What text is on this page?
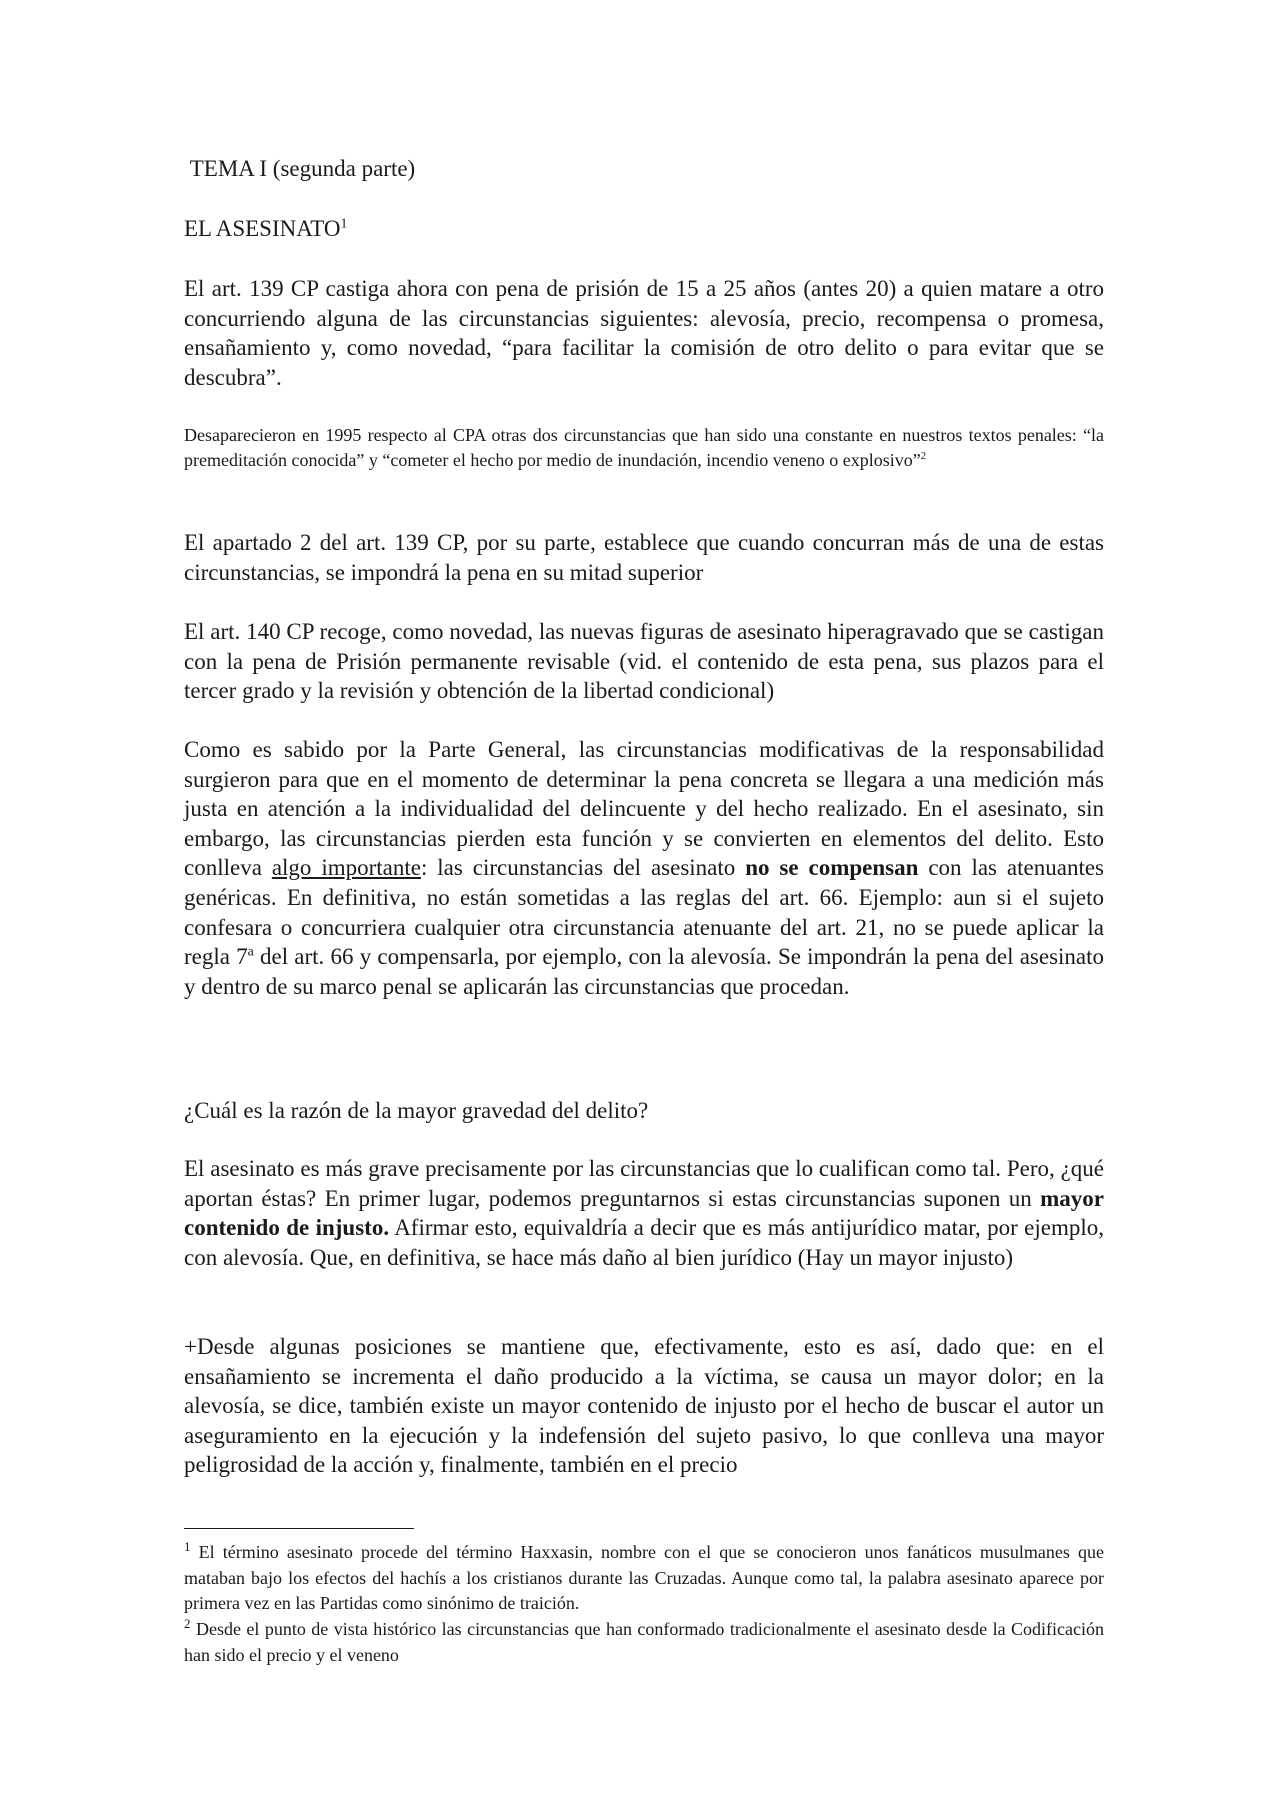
TEMA I (segunda parte)

EL ASESINATO$^1$

El art. 139 CP castiga ahora con pena de prisión de 15 a 25 años (antes 20) a quien matare a otro concurriendo alguna de las circunstancias siguientes: alevosía, precio, recompensa o promesa, ensañamiento y, como novedad, “para facilitar la comisión de otro delito o para evitar que se descubra”.

Desaparecieron en 1995 respecto al CPA otras dos circunstancias que han sido una constante en nuestros textos penales: “la premeditación conocida” y “cometer el hecho por medio de inundación, incendio veneno o explosivo”$^2$

El apartado 2 del art. 139 CP, por su parte, establece que cuando concurran más de una de estas circunstancias, se impondrá la pena en su mitad superior

El art. 140 CP recoge, como novedad, las nuevas figuras de asesinato hiperagravado que se castigan con la pena de Prisión permanente revisable (vid. el contenido de esta pena, sus plazos para el tercer grado y la revisión y obtención de la libertad condicional)

Como es sabido por la Parte General, las circunstancias modificativas de la responsabilidad surgieron para que en el momento de determinar la pena concreta se llegara a una medición más justa en atención a la individualidad del delincuente y del hecho realizado. En el asesinato, sin embargo, las circunstancias pierden esta función y se convierten en elementos del delito. Esto conlleva algo importante: las circunstancias del asesinato no se compensan con las atenuantes genéricas. En definitiva, no están sometidas a las reglas del art. 66. Ejemplo: aun si el sujeto confesara o concurriera cualquier otra circunstancia atenuante del art. 21, no se puede aplicar la regla 7$^a$ del art. 66 y compensarla, por ejemplo, con la alevosía. Se impondrán la pena del asesinato y dentro de su marco penal se aplicarán las circunstancias que procedan.

¿Cuál es la razón de la mayor gravedad del delito?

El asesinato es más grave precisamente por las circunstancias que lo cualifican como tal. Pero, ¿qué aportan éstas? En primer lugar, podemos preguntarnos si estas circunstancias suponen un mayor contenido de injusto. Afirmar esto, equivaldría a decir que es más antijurídico matar, por ejemplo, con alevosía. Que, en definitiva, se hace más daño al bien jurídico (Hay un mayor injusto)

+Desde algunas posiciones se mantiene que, efectivamente, esto es así, dado que: en el ensañamiento se incrementa el daño producido a la víctima, se causa un mayor dolor; en la alevosía, se dice, también existe un mayor contenido de injusto por el hecho de buscar el autor un aseguramiento en la ejecución y la indefensión del sujeto pasivo, lo que conlleva una mayor peligrosidad de la acción y, finalmente, también en el precio

$^1$ El término asesinato procede del término Haxxasin, nombre con el que se conocieron unos fanáticos musulmanes que mataban bajo los efectos del hachís a los cristianos durante las Cruzadas. Aunque como tal, la palabra asesinato aparece por primera vez en las Partidas como sinónimo de traición.

$^2$ Desde el punto de vista histórico las circunstancias que han conformado tradicionalmente el asesinato desde la Codificación han sido el precio y el veneno
